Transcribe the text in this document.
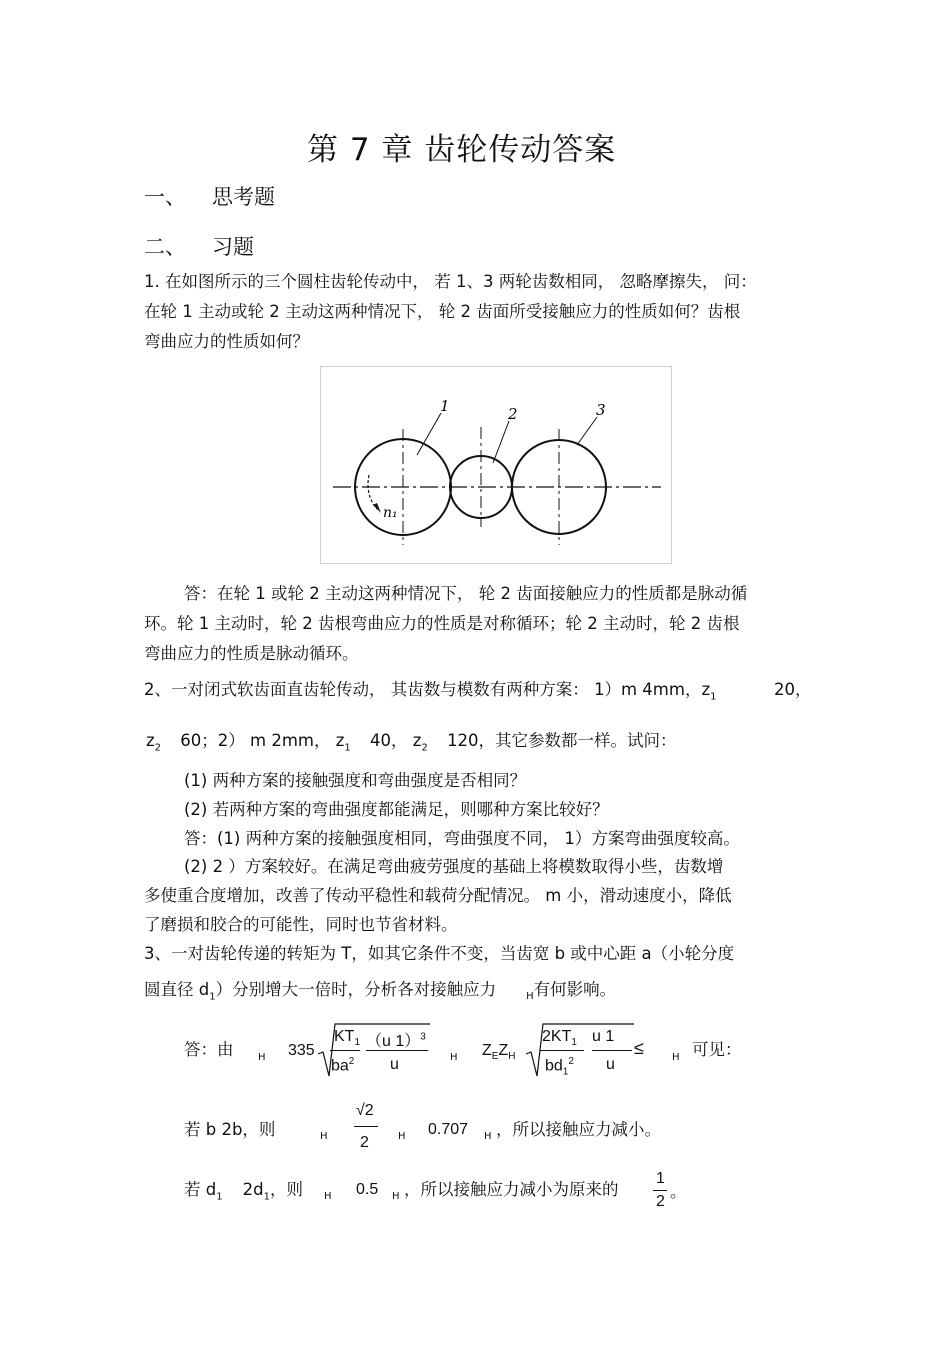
第 7 章 齿轮传动答案
一、 思考题
二、 习题
1. 在如图所示的三个圆柱齿轮传动中， 若 1、3 两轮齿数相同， 忽略摩擦失， 问：
在轮 1 主动或轮 2 主动这两种情况下， 轮 2 齿面所受接触应力的性质如何？齿根
弯曲应力的性质如何？
1	2	3
n₁
答：在轮 1 或轮 2 主动这两种情况下， 轮 2 齿面接触应力的性质都是脉动循
环。轮 1 主动时，轮 2 齿根弯曲应力的性质是对称循环；轮 2 主动时，轮 2 齿根
弯曲应力的性质是脉动循环。
2、一对闭式软齿面直齿轮传动， 其齿数与模数有两种方案： 1）m 4mm，$z_1$	20，
$z_2$ 60；2） m 2mm， $z_1$ 40， $z_2$ 120，其它参数都一样。试问：
(1) 两种方案的接触强度和弯曲强度是否相同？
(2) 若两种方案的弯曲强度都能满足，则哪种方案比较好？
答：(1) 两种方案的接触强度相同，弯曲强度不同， 1）方案弯曲强度较高。
(2) 2 ）方案较好。在满足弯曲疲劳强度的基础上将模数取得小些，齿数增
多使重合度增加，改善了传动平稳性和载荷分配情况。 m 小，滑动速度小，降低
了磨损和胶合的可能性，同时也节省材料。
3、一对齿轮传递的转矩为 T，如其它条件不变，当齿宽 b 或中心距 a（小轮分度
圆直径 $d_1$）分别增大一倍时，分析各对接触应力	$_H$有何影响。
答：由 H 335
$KT_1$
$ba^2$
（u 1）$^3$
u	H $Z_EZ_H$
$2KT_1$
$bd_1^2$
u 1
u
≤	H 可见：
若 b 2b，则	H
√2
2	H 0.707 H ，所以接触应力减小。
若 $d_1$ $2d_1$，则 H 0.5 H ，所以接触应力减小为原来的
1
2
。
